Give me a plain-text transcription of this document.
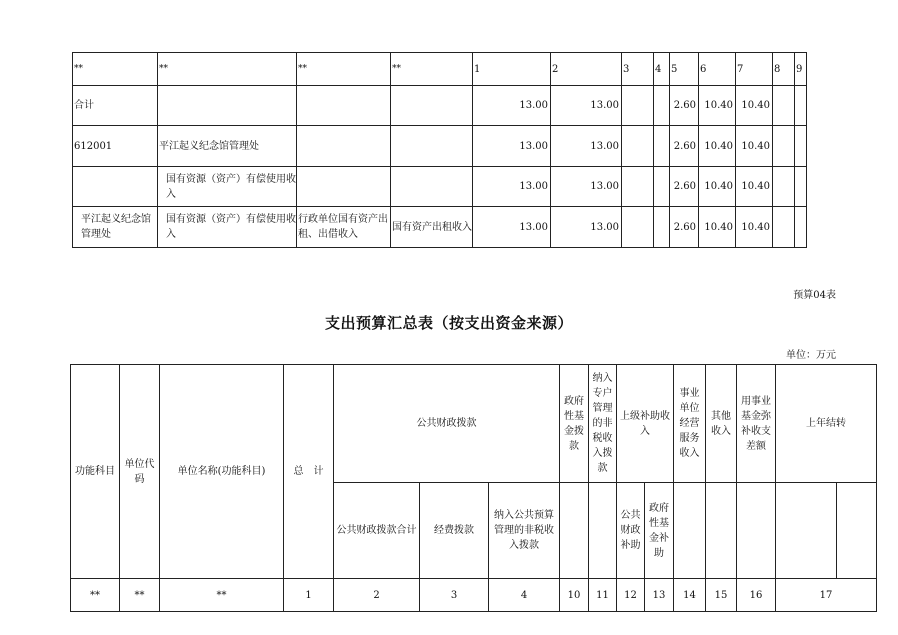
**	**	**	**	1	2	3	4	5	6	7	8	9
合计				13.00	13.00			2.60	10.40	10.40		
612001	平江起义纪念馆管理处			13.00	13.00			2.60	10.40	10.40		
	国有资源（资产）有偿使用收入			13.00	13.00			2.60	10.40	10.40		
平江起义纪念馆管理处	国有资源（资产）有偿使用收入	行政单位国有资产出租、出借收入	国有资产出租收入	13.00	13.00			2.60	10.40	10.40		
预算04表
支出预算汇总表（按支出资金来源）
单位：万元
功能科目	单位代码	单位名称(功能科目)	总　计	公共财政拨款			政府性基金拨款	纳入专户管理的非税收入拨款	上级补助收入		事业单位经营服务收入	其他收入	用事业基金弥补收支差额	上年结转	
				公共财政拨款合计	经费拨款	纳入公共预算管理的非税收入拨款			公共财政补助	政府性基金补助					
**	**	**	1	2	3	4	10	11	12	13	14	15	16	17	
